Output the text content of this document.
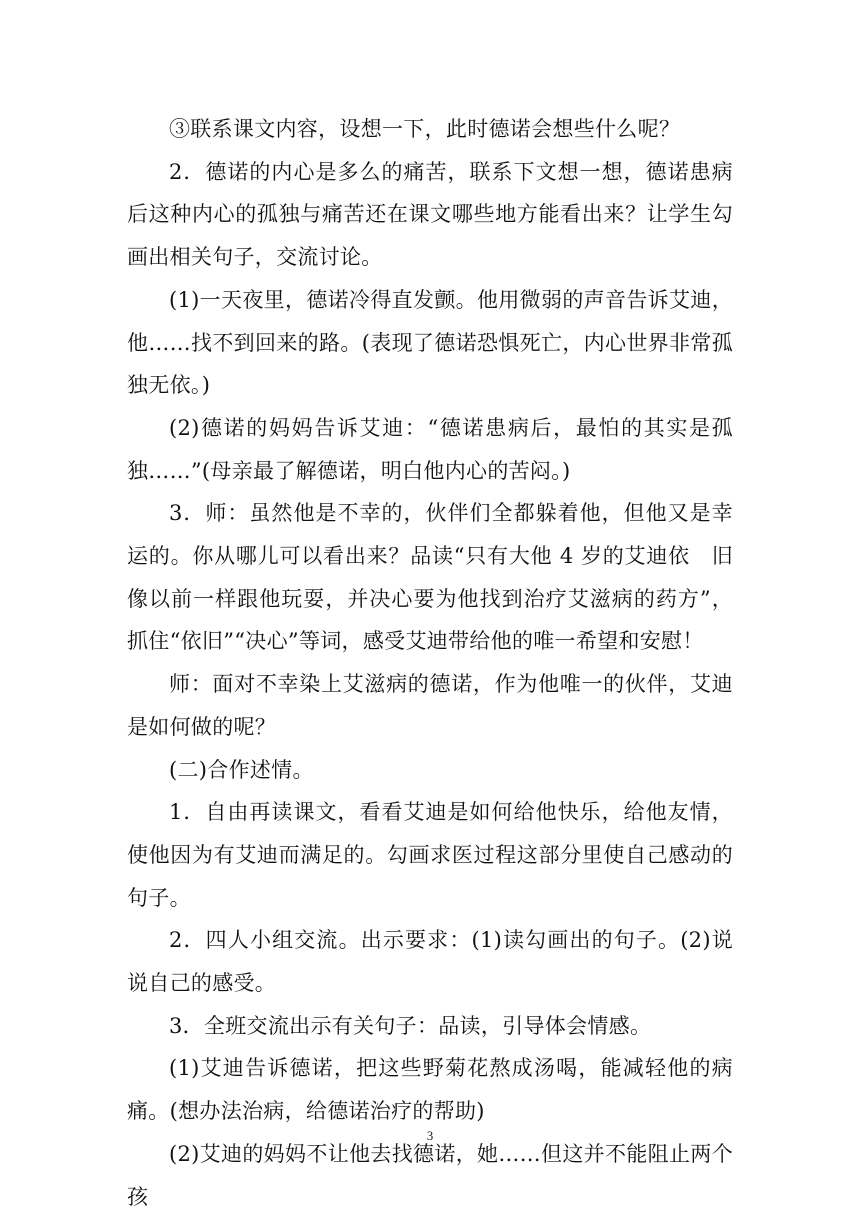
③联系课文内容，设想一下，此时德诺会想些什么呢？

2．德诺的内心是多么的痛苦，联系下文想一想，德诺患病后这种内心的孤独与痛苦还在课文哪些地方能看出来？让学生勾画出相关句子，交流讨论。

(1)一天夜里，德诺冷得直发颤。他用微弱的声音告诉艾迪，他……找不到回来的路。(表现了德诺恐惧死亡，内心世界非常孤独无依。)

(2)德诺的妈妈告诉艾迪：“德诺患病后，最怕的其实是孤独……”(母亲最了解德诺，明白他内心的苦闷。)

3．师：虽然他是不幸的，伙伴们全都躲着他，但他又是幸运的。你从哪儿可以看出来？品读“只有大他 4 岁的艾迪依　旧像以前一样跟他玩耍，并决心要为他找到治疗艾滋病的药方”，抓住“依旧”“决心”等词，感受艾迪带给他的唯一希望和安慰！

师：面对不幸染上艾滋病的德诺，作为他唯一的伙伴，艾迪是如何做的呢？

(二)合作述情。

1．自由再读课文，看看艾迪是如何给他快乐，给他友情，使他因为有艾迪而满足的。勾画求医过程这部分里使自己感动的句子。

2．四人小组交流。出示要求：(1)读勾画出的句子。(2)说说自己的感受。

3．全班交流出示有关句子：品读，引导体会情感。

(1)艾迪告诉德诺，把这些野菊花熬成汤喝，能减轻他的病痛。(想办法治病，给德诺治疗的帮助)

(2)艾迪的妈妈不让他去找德诺，她……但这并不能阻止两个孩

3
